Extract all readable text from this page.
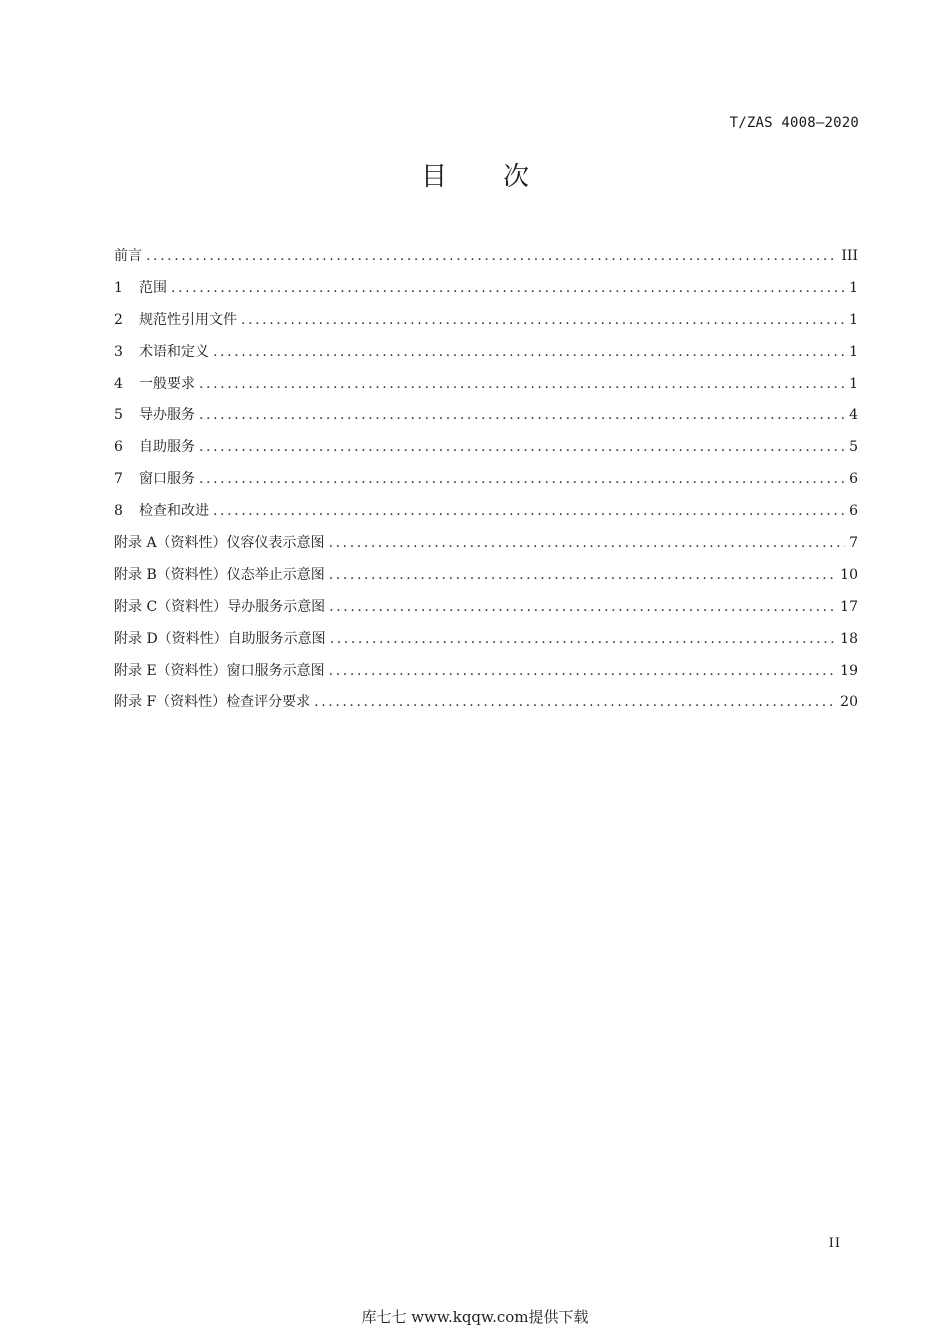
T/ZAS 4008—2020
目 次
前言 .....	III
1	范围 .....	1
2	规范性引用文件 .....	1
3	术语和定义 .....	1
4	一般要求 .....	1
5	导办服务 .....	4
6	自助服务 .....	5
7	窗口服务 .....	6
8	检查和改进 .....	6
附录 A（资料性）仪容仪表示意图 .....	7
附录 B（资料性）仪态举止示意图 .....	10
附录 C（资料性）导办服务示意图 .....	17
附录 D（资料性）自助服务示意图 .....	18
附录 E（资料性）窗口服务示意图 .....	19
附录 F（资料性）检查评分要求 .....	20
II
库七七 www.kqqw.com提供下载
